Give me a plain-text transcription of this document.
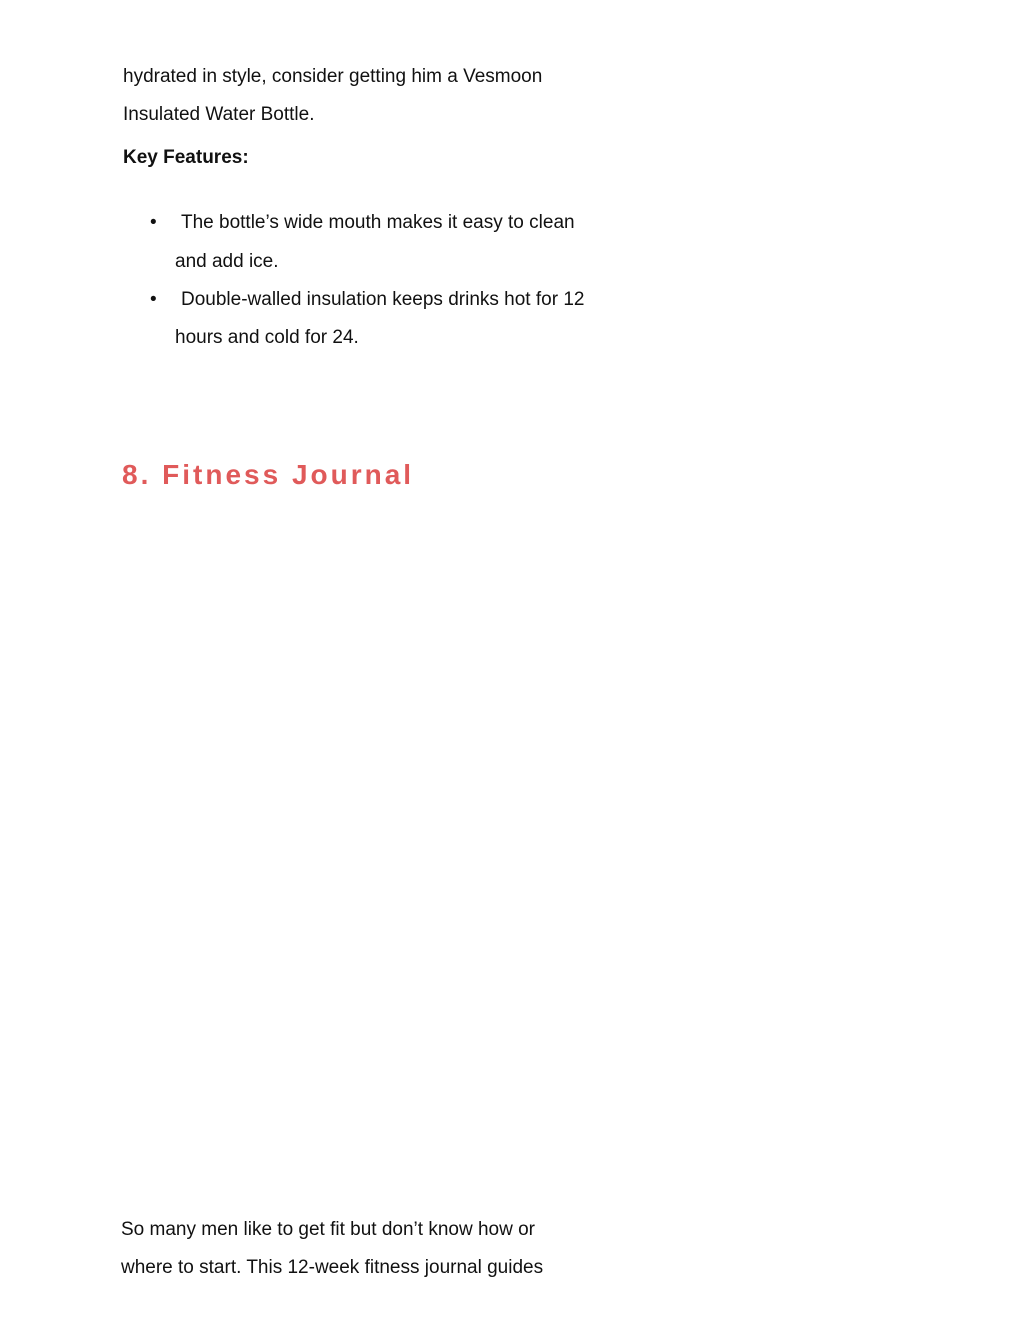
hydrated in style, consider getting him a Vesmoon
Insulated Water Bottle.
Key Features:
• The bottle’s wide mouth makes it easy to clean
and add ice.
• Double-walled insulation keeps drinks hot for 12
hours and cold for 24.
8. Fitness Journal
So many men like to get fit but don’t know how or
where to start. This 12-week fitness journal guides
